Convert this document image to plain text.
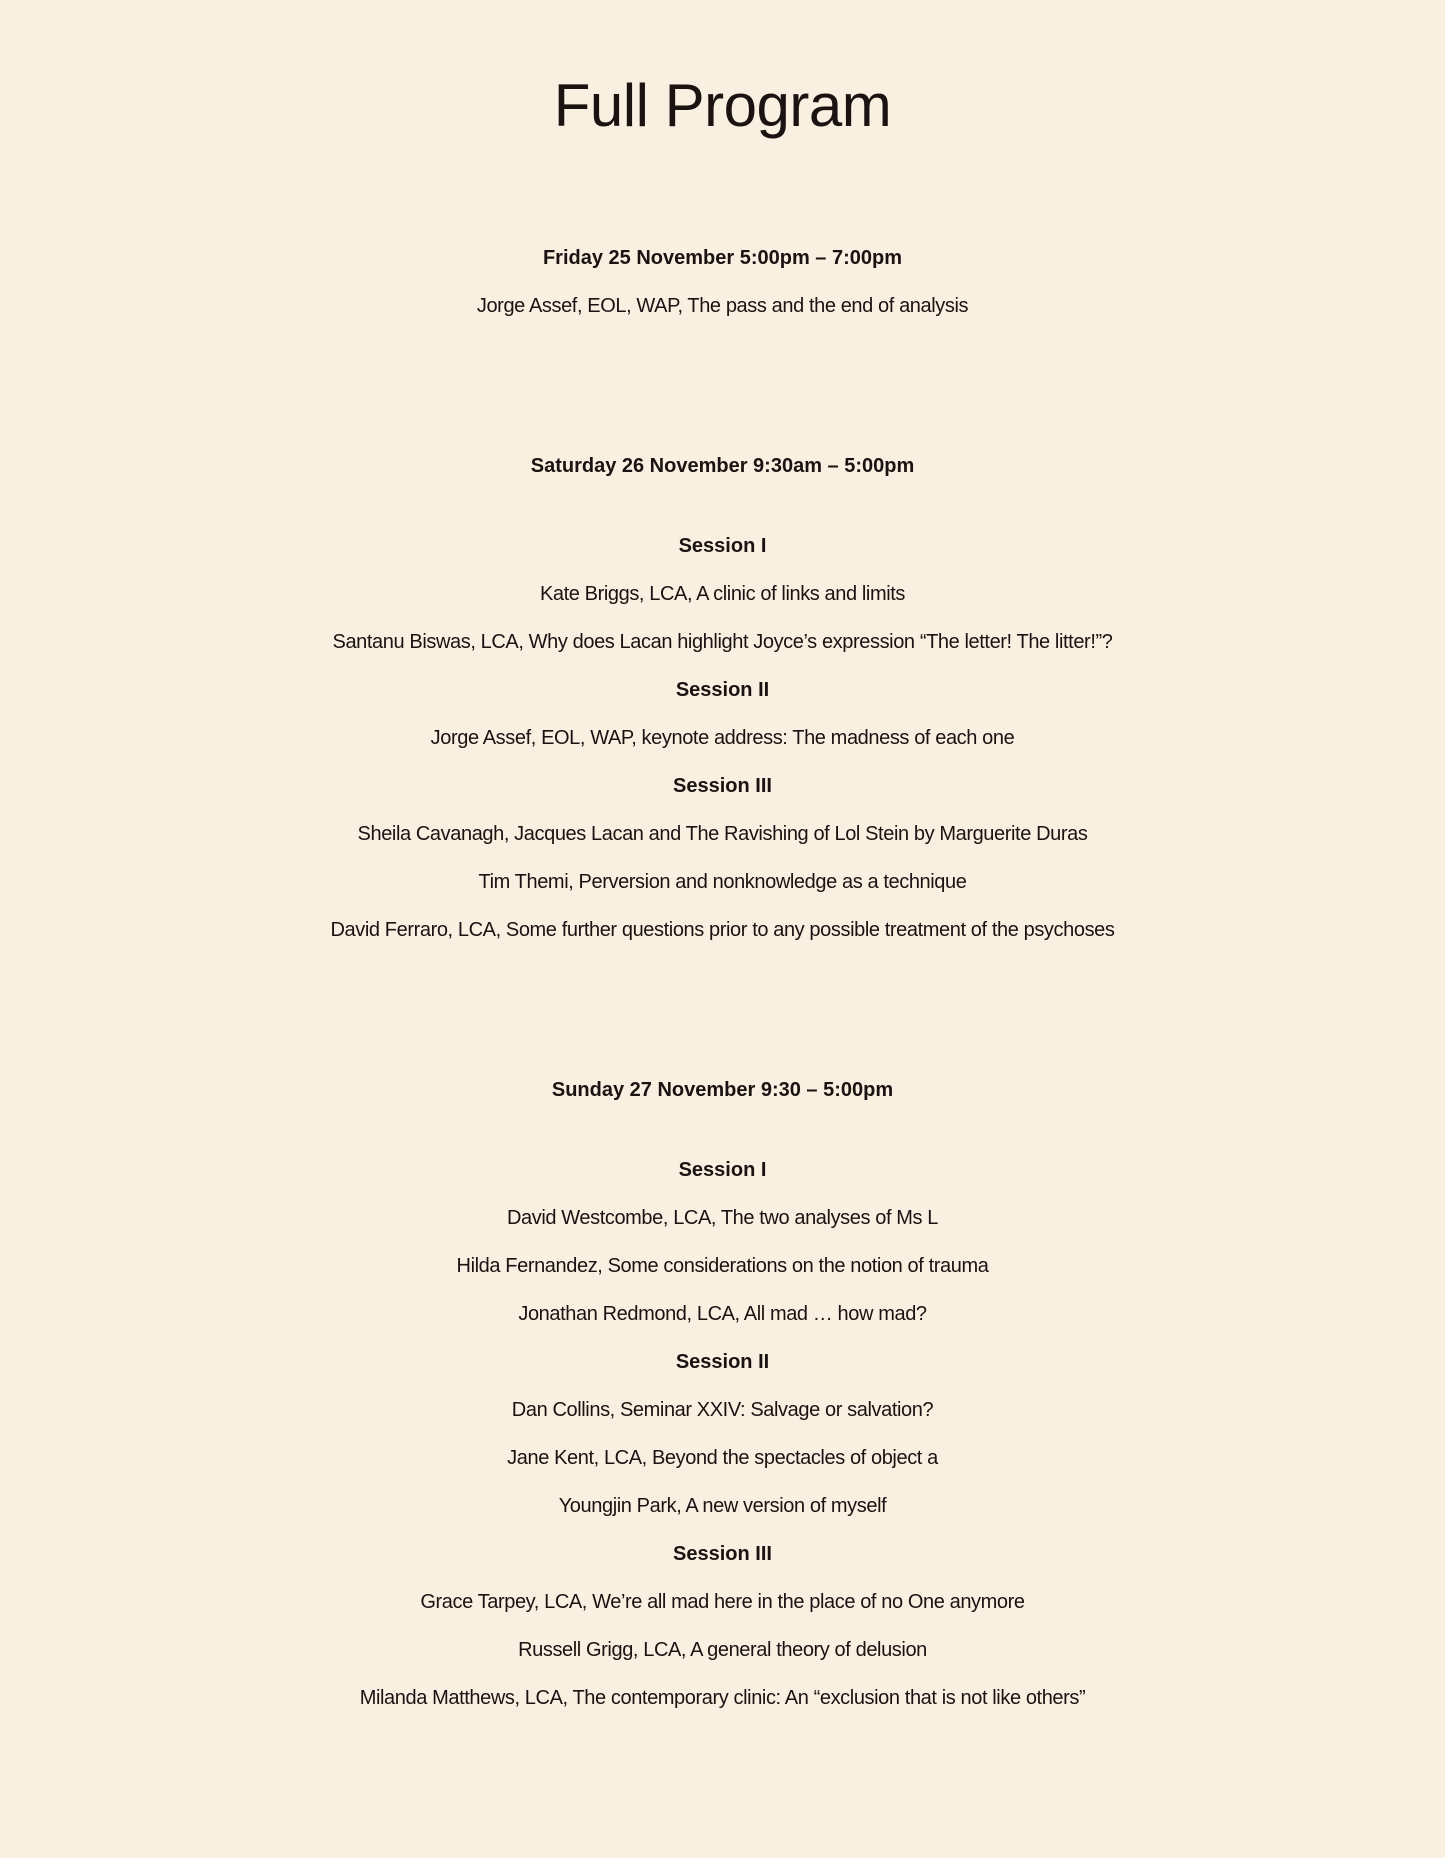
Full Program
Friday 25 November 5:00pm – 7:00pm
Jorge Assef, EOL, WAP, The pass and the end of analysis
Saturday 26 November 9:30am – 5:00pm
Session I
Kate Briggs, LCA, A clinic of links and limits
Santanu Biswas, LCA, Why does Lacan highlight Joyce’s expression “The letter! The litter!”?
Session II
Jorge Assef, EOL, WAP, keynote address: The madness of each one
Session III
Sheila Cavanagh, Jacques Lacan and The Ravishing of Lol Stein by Marguerite Duras
Tim Themi, Perversion and nonknowledge as a technique
David Ferraro, LCA, Some further questions prior to any possible treatment of the psychoses
Sunday 27 November 9:30 – 5:00pm
Session I
David Westcombe, LCA, The two analyses of Ms L
Hilda Fernandez, Some considerations on the notion of trauma
Jonathan Redmond, LCA, All mad … how mad?
Session II
Dan Collins, Seminar XXIV: Salvage or salvation?
Jane Kent, LCA, Beyond the spectacles of object a
Youngjin Park, A new version of myself
Session III
Grace Tarpey, LCA, We’re all mad here in the place of no One anymore
Russell Grigg, LCA, A general theory of delusion
Milanda Matthews, LCA, The contemporary clinic: An “exclusion that is not like others”
